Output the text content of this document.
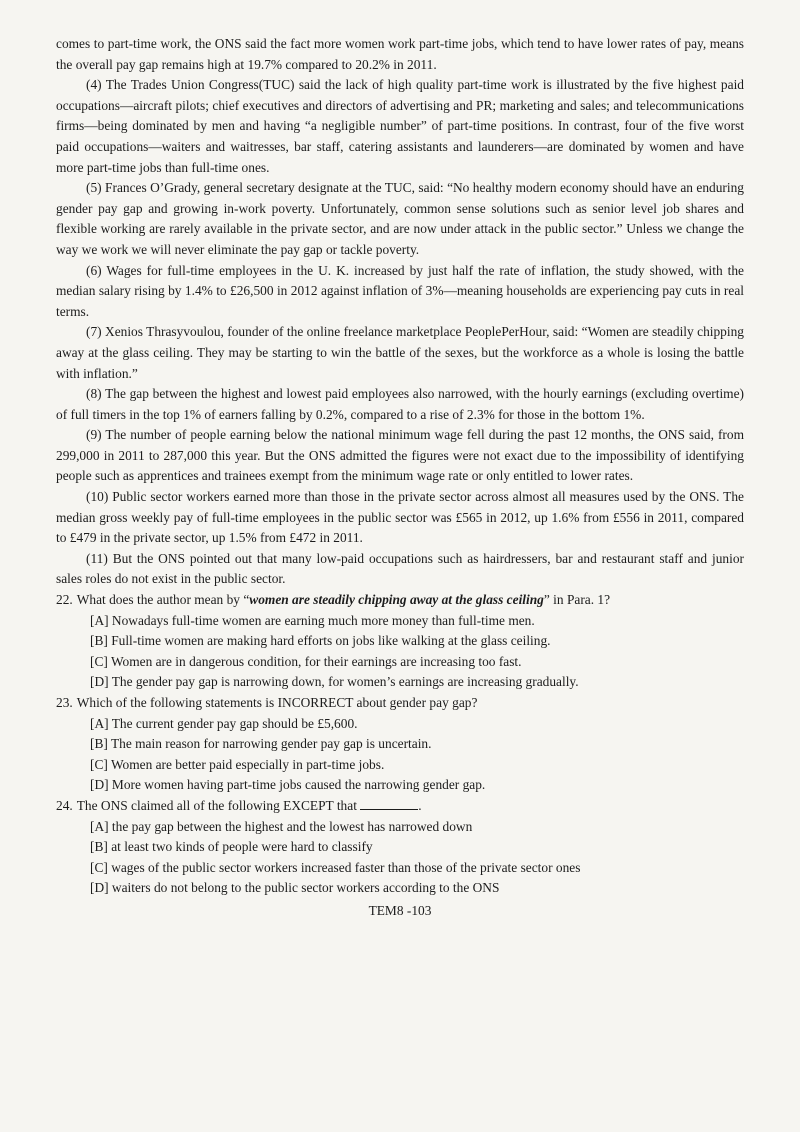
comes to part-time work, the ONS said the fact more women work part-time jobs, which tend to have lower rates of pay, means the overall pay gap remains high at 19.7% compared to 20.2% in 2011.

(4) The Trades Union Congress(TUC) said the lack of high quality part-time work is illustrated by the five highest paid occupations—aircraft pilots; chief executives and directors of advertising and PR; marketing and sales; and telecommunications firms—being dominated by men and having “a negligible number” of part-time positions. In contrast, four of the five worst paid occupations—waiters and waitresses, bar staff, catering assistants and launderers—are dominated by women and have more part-time jobs than full-time ones.

(5) Frances O’Grady, general secretary designate at the TUC, said: “No healthy modern economy should have an enduring gender pay gap and growing in-work poverty. Unfortunately, common sense solutions such as senior level job shares and flexible working are rarely available in the private sector, and are now under attack in the public sector.” Unless we change the way we work we will never eliminate the pay gap or tackle poverty.

(6) Wages for full-time employees in the U. K. increased by just half the rate of inflation, the study showed, with the median salary rising by 1.4% to £26,500 in 2012 against inflation of 3%—meaning households are experiencing pay cuts in real terms.

(7) Xenios Thrasyvoulou, founder of the online freelance marketplace PeoplePerHour, said: “Women are steadily chipping away at the glass ceiling. They may be starting to win the battle of the sexes, but the workforce as a whole is losing the battle with inflation.”

(8) The gap between the highest and lowest paid employees also narrowed, with the hourly earnings (excluding overtime) of full timers in the top 1% of earners falling by 0.2%, compared to a rise of 2.3% for those in the bottom 1%.

(9) The number of people earning below the national minimum wage fell during the past 12 months, the ONS said, from 299,000 in 2011 to 287,000 this year. But the ONS admitted the figures were not exact due to the impossibility of identifying people such as apprentices and trainees exempt from the minimum wage rate or only entitled to lower rates.

(10) Public sector workers earned more than those in the private sector across almost all measures used by the ONS. The median gross weekly pay of full-time employees in the public sector was £565 in 2012, up 1.6% from £556 in 2011, compared to £479 in the private sector, up 1.5% from £472 in 2011.

(11) But the ONS pointed out that many low-paid occupations such as hairdressers, bar and restaurant staff and junior sales roles do not exist in the public sector.

22. What does the author mean by “women are steadily chipping away at the glass ceiling” in Para. 1?

[A] Nowadays full-time women are earning much more money than full-time men.

[B] Full-time women are making hard efforts on jobs like walking at the glass ceiling.

[C] Women are in dangerous condition, for their earnings are increasing too fast.

[D] The gender pay gap is narrowing down, for women’s earnings are increasing gradually.

23. Which of the following statements is INCORRECT about gender pay gap?

[A] The current gender pay gap should be £5,600.

[B] The main reason for narrowing gender pay gap is uncertain.

[C] Women are better paid especially in part-time jobs.

[D] More women having part-time jobs caused the narrowing gender gap.

24. The ONS claimed all of the following EXCEPT that	.

[A] the pay gap between the highest and the lowest has narrowed down

[B] at least two kinds of people were hard to classify

[C] wages of the public sector workers increased faster than those of the private sector ones

[D] waiters do not belong to the public sector workers according to the ONS

TEM8 -103
